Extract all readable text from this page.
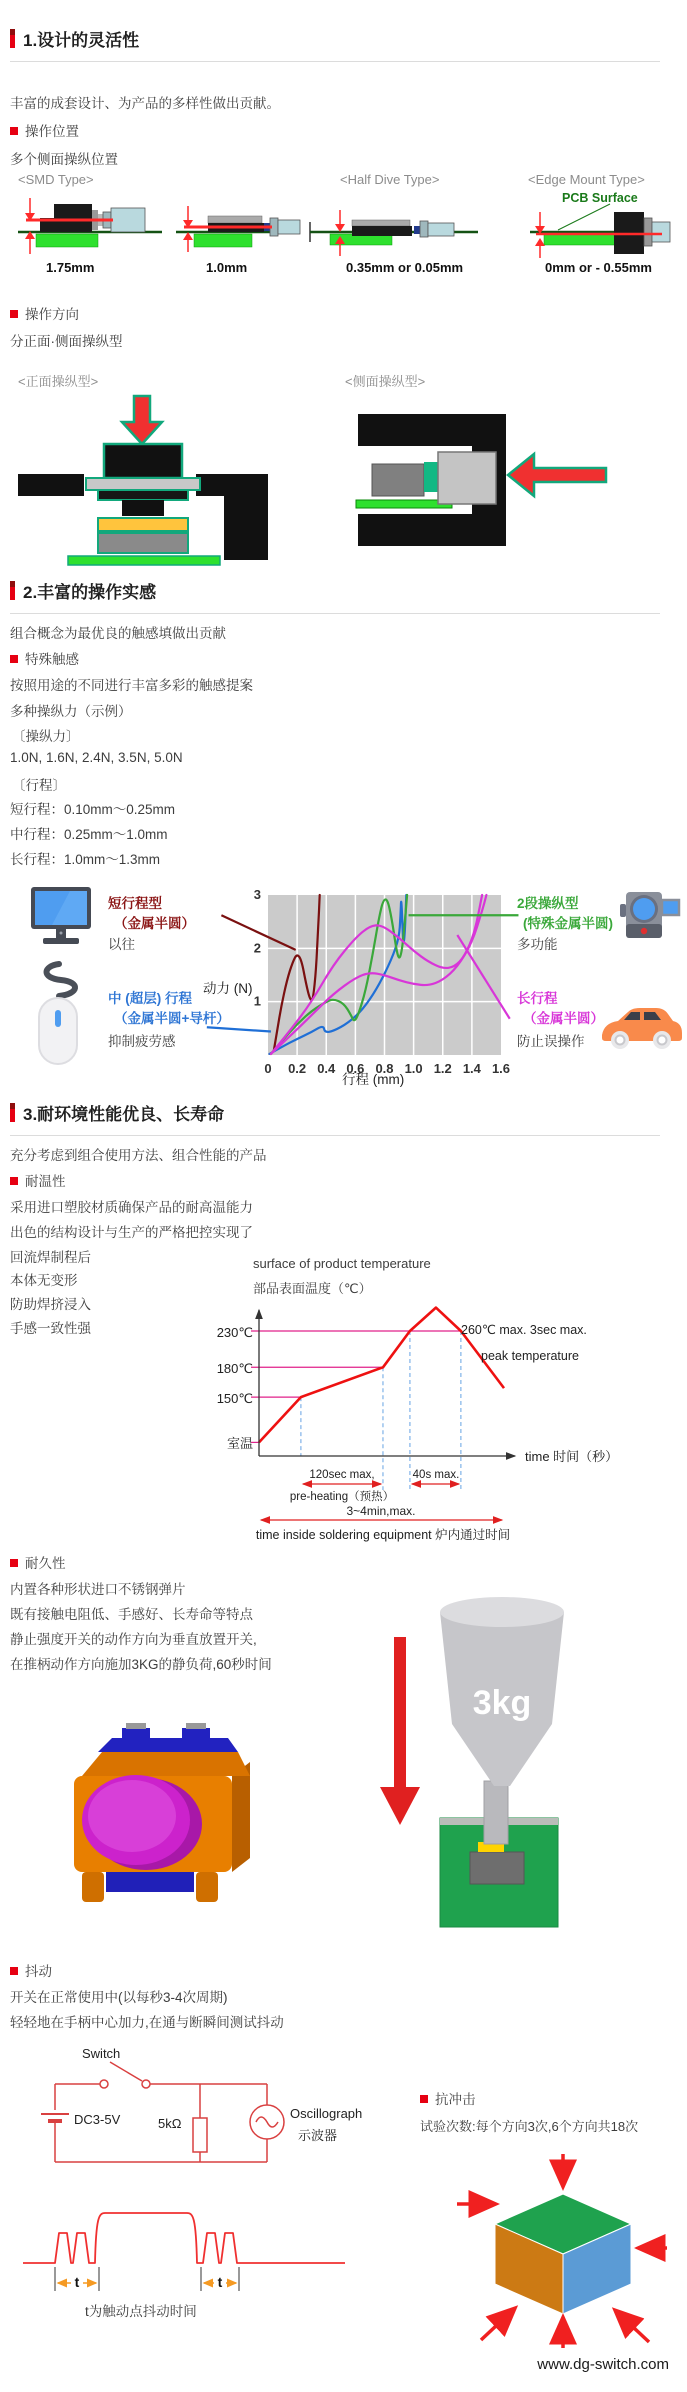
1.设计的灵活性
丰富的成套设计、为产品的多样性做出贡献。
操作位置
多个侧面操纵位置
<SMD Type>	<Half Dive Type>	<Edge Mount Type>
PCB Surface
1.75mm	1.0mm	0.35mm or 0.05mm	0mm or - 0.55mm
操作方向
分正面·侧面操纵型
<正面操纵型>	<侧面操纵型>
2.丰富的操作实感
组合概念为最优良的触感填做出贡献
特殊触感
按照用途的不同进行丰富多彩的触感提案
多种操纵力（示例）
〔操纵力〕
1.0N, 1.6N, 2.4N, 3.5N, 5.0N
〔行程〕
短行程：0.10mm～0.25mm
中行程：0.25mm～1.0mm
长行程：1.0mm～1.3mm
短行程型
（金属半圆）
以往
中 (超层) 行程
（金属半圆+导杆）
抑制疲劳感
动力 (N)
0 0.2 0.4 0.6 0.8 1.0 1.2 1.4 1.6
1
2
3
行程 (mm)
2段操纵型
(特殊金属半圆)
多功能
长行程
（金属半圆）
防止误操作
3.耐环境性能优良、长寿命
充分考虑到组合使用方法、组合性能的产品
耐温性
采用进口塑胶材质确保产品的耐高温能力
出色的结构设计与生产的严格把控实现了
回流焊制程后
本体无变形
防助焊挤浸入
手感一致性强
surface of product temperature
部品表面温度（℃）
230℃
180℃
150℃
室温
time 时间（秒）
260℃ max. 3sec max.
peak temperature
120sec max,
pre-heating（预热）
40s max.
3~4min,max.
time inside soldering equipment 炉内通过时间
耐久性
内置各种形状进口不锈钢弹片
既有接触电阻低、手感好、长寿命等特点
静止强度开关的动作方向为垂直放置开关,
在推柄动作方向施加3KG的静负荷,60秒时间
3kg
抖动
开关在正常使用中(以每秒3-4次周期)
轻轻地在手柄中心加力,在通与断瞬间测试抖动
Switch
DC3-5V	5kΩ
Oscillograph
示波器
抗冲击
试验次数:每个方向3次,6个方向共18次
t	t
t为触动点抖动时间
www.dg-switch.com
